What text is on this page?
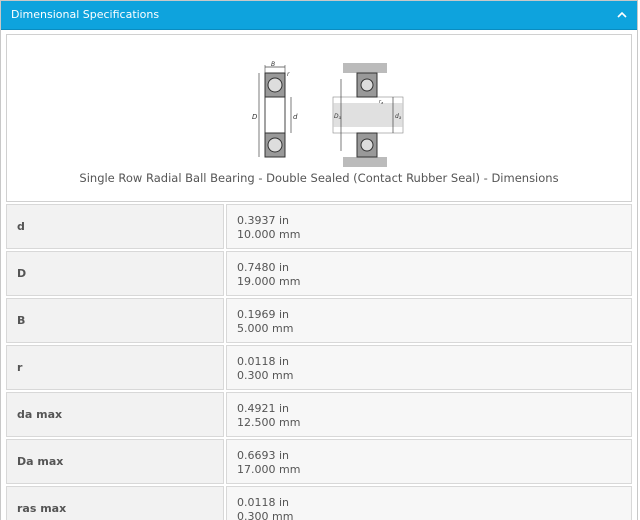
Dimensional Specifications
B
r
D	d	Da	da
$r_a$
Single Row Radial Ball Bearing - Double Sealed (Contact Rubber Seal) - Dimensions
d	0.3937 in
10.000 mm
D	0.7480 in
19.000 mm
B	0.1969 in
5.000 mm
r	0.0118 in
0.300 mm
da max	0.4921 in
12.500 mm
Da max	0.6693 in
17.000 mm
ras max	0.0118 in
0.300 mm
